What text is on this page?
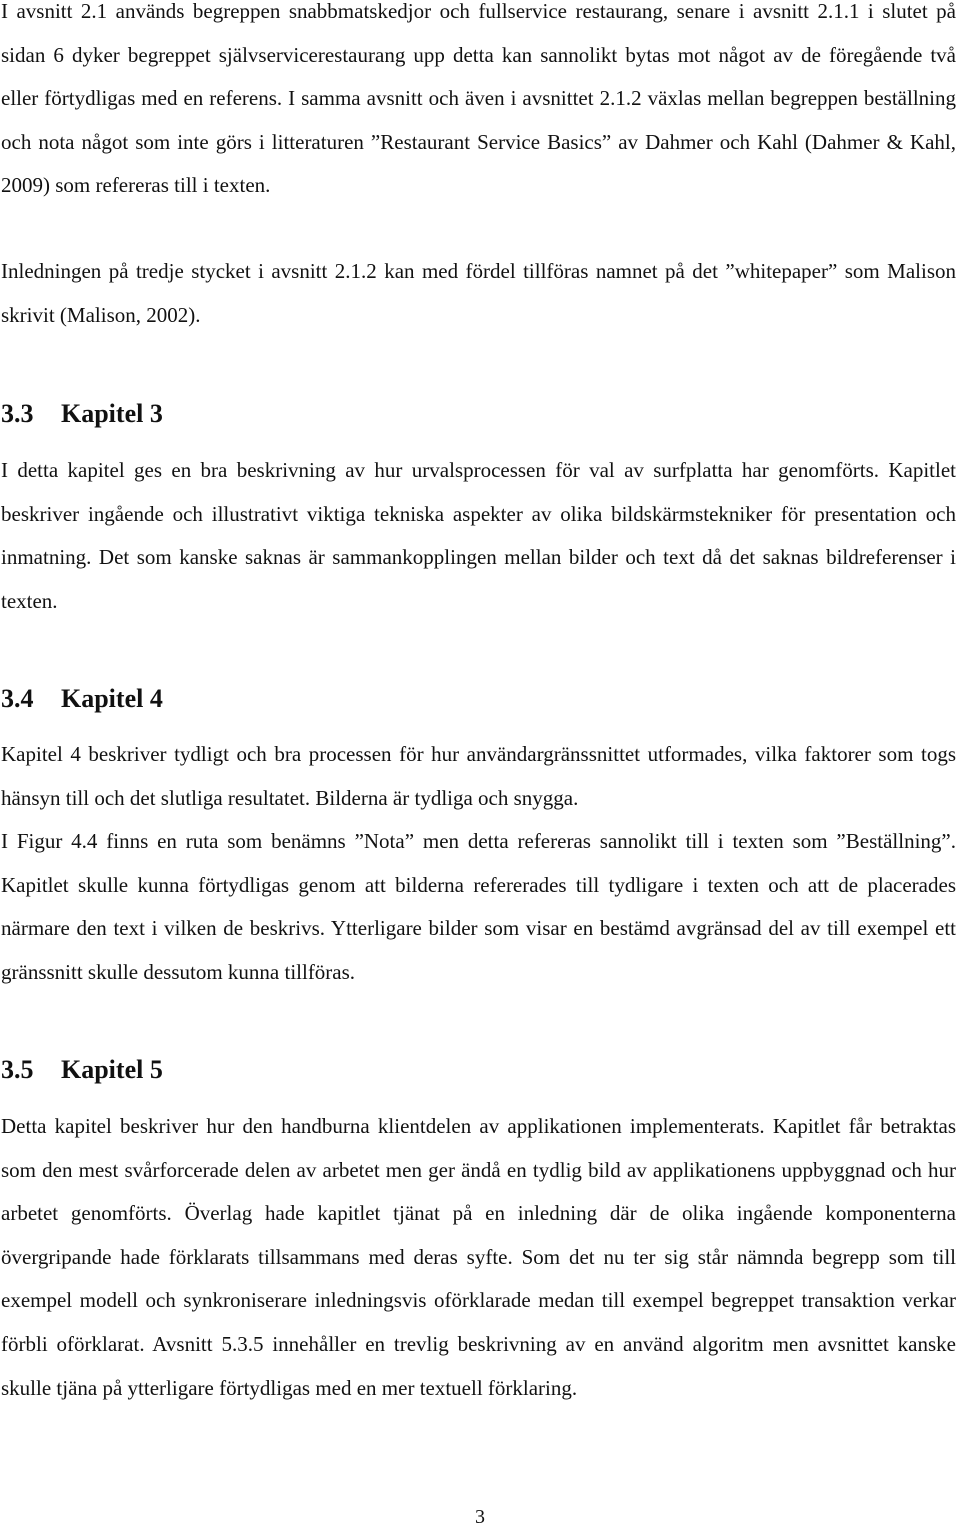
I avsnitt 2.1 används begreppen snabbmatskedjor och fullservice restaurang, senare i avsnitt 2.1.1 i slutet på sidan 6 dyker begreppet självservicerestaurang upp detta kan sannolikt bytas mot något av de föregående två eller förtydligas med en referens. I samma avsnitt och även i avsnittet 2.1.2 växlas mellan begreppen beställning och nota något som inte görs i litteraturen ”Restaurant Service Basics” av Dahmer och Kahl (Dahmer & Kahl, 2009) som refereras till i texten.

Inledningen på tredje stycket i avsnitt 2.1.2 kan med fördel tillföras namnet på det ”whitepaper” som Malison skrivit (Malison, 2002).

3.3 Kapitel 3

I detta kapitel ges en bra beskrivning av hur urvalsprocessen för val av surfplatta har genomförts. Kapitlet beskriver ingående och illustrativt viktiga tekniska aspekter av olika bildskärmstekniker för presentation och inmatning. Det som kanske saknas är sammankopplingen mellan bilder och text då det saknas bildreferenser i texten.

3.4 Kapitel 4

Kapitel 4 beskriver tydligt och bra processen för hur användargränssnittet utformades, vilka faktorer som togs hänsyn till och det slutliga resultatet. Bilderna är tydliga och snygga.

I Figur 4.4 finns en ruta som benämns ”Nota” men detta refereras sannolikt till i texten som ”Beställning”. Kapitlet skulle kunna förtydligas genom att bilderna refererades till tydligare i texten och att de placerades närmare den text i vilken de beskrivs. Ytterligare bilder som visar en bestämd avgränsad del av till exempel ett gränssnitt skulle dessutom kunna tillföras.

3.5 Kapitel 5

Detta kapitel beskriver hur den handburna klientdelen av applikationen implementerats. Kapitlet får betraktas som den mest svårforcerade delen av arbetet men ger ändå en tydlig bild av applikationens uppbyggnad och hur arbetet genomförts. Överlag hade kapitlet tjänat på en inledning där de olika ingående komponenterna övergripande hade förklarats tillsammans med deras syfte. Som det nu ter sig står nämnda begrepp som till exempel modell och synkroniserare inledningsvis oförklarade medan till exempel begreppet transaktion verkar förbli oförklarat. Avsnitt 5.3.5 innehåller en trevlig beskrivning av en använd algoritm men avsnittet kanske skulle tjäna på ytterligare förtydligas med en mer textuell förklaring.

3
